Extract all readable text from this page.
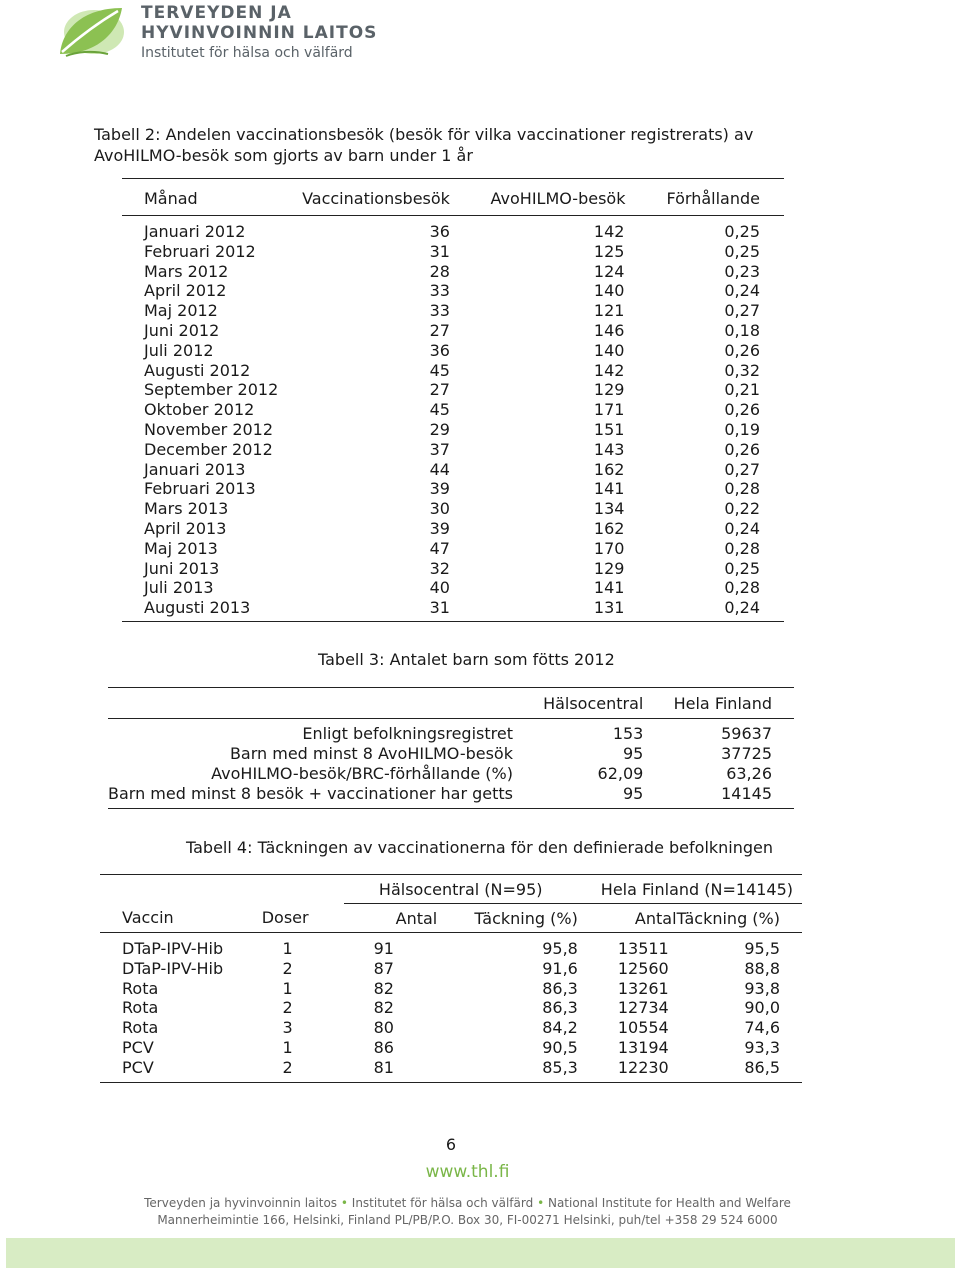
TERVEYDEN JA
HYVINVOINNIN LAITOS
Institutet för hälsa och välfärd
Tabell 2: Andelen vaccinationsbesök (besök för vilka vaccinationer registrerats) av AvoHILMO-besök som gjorts av barn under 1 år
Månad	Vaccinationsbesök	AvoHILMO-besök	Förhållande
Januari 2012	36	142	0,25
Februari 2012	31	125	0,25
Mars 2012	28	124	0,23
April 2012	33	140	0,24
Maj 2012	33	121	0,27
Juni 2012	27	146	0,18
Juli 2012	36	140	0,26
Augusti 2012	45	142	0,32
September 2012	27	129	0,21
Oktober 2012	45	171	0,26
November 2012	29	151	0,19
December 2012	37	143	0,26
Januari 2013	44	162	0,27
Februari 2013	39	141	0,28
Mars 2013	30	134	0,22
April 2013	39	162	0,24
Maj 2013	47	170	0,28
Juni 2013	32	129	0,25
Juli 2013	40	141	0,28
Augusti 2013	31	131	0,24
Tabell 3: Antalet barn som fötts 2012
	Hälsocentral	Hela Finland
Enligt befolkningsregistret	153	59637
Barn med minst 8 AvoHILMO-besök	95	37725
AvoHILMO-besök/BRC-förhållande (%)	62,09	63,26
Barn med minst 8 besök + vaccinationer har getts	95	14145
Tabell 4: Täckningen av vaccinationerna för den definierade befolkningen
		Hälsocentral (N=95)		Hela Finland (N=14145)	
Vaccin	Doser	Antal	Täckning (%)	Antal	Täckning (%)
DTaP-IPV-Hib	1	91	95,8	13511	95,5
DTaP-IPV-Hib	2	87	91,6	12560	88,8
Rota	1	82	86,3	13261	93,8
Rota	2	82	86,3	12734	90,0
Rota	3	80	84,2	10554	74,6
PCV	1	86	90,5	13194	93,3
PCV	2	81	85,3	12230	86,5
6
www.thl.fi
Terveyden ja hyvinvoinnin laitos • Institutet för hälsa och välfärd • National Institute for Health and Welfare
Mannerheimintie 166, Helsinki, Finland PL/PB/P.O. Box 30, FI-00271 Helsinki, puh/tel +358 29 524 6000
